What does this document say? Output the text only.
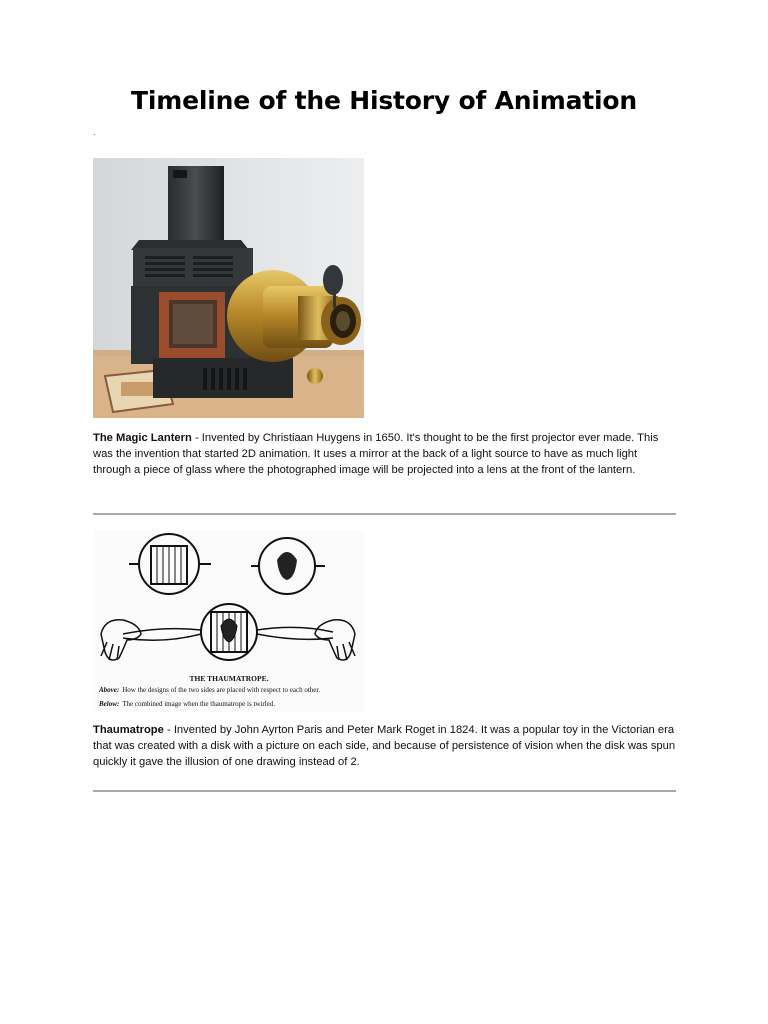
Timeline of the History of Animation
.
The Magic Lantern - Invented by Christiaan Huygens in 1650. It's thought to be the first projector ever made. This was the invention that started 2D animation. It uses a mirror at the back of a light source to have as much light through a piece of glass where the photographed image will be projected into a lens at the front of the lantern.
THE THAUMATROPE.
Above: How the designs of the two sides are placed with respect to each other.
Below: The combined image when the thaumatrope is twirled.
Thaumatrope - Invented by John Ayrton Paris and Peter Mark Roget in 1824. It was a popular toy in the Victorian era that was created with a disk with a picture on each side, and because of persistence of vision when the disk was spun quickly it gave the illusion of one drawing instead of 2.
